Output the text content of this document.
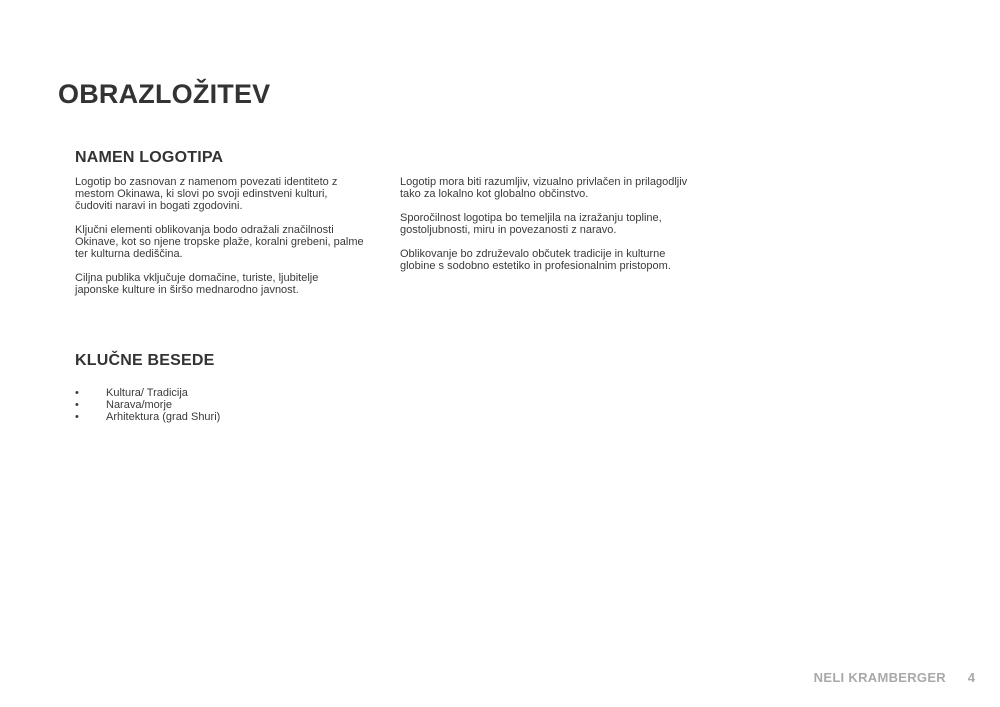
OBRAZLOŽITEV
NAMEN LOGOTIPA

Logotip bo zasnovan z namenom povezati identiteto z mestom Okinawa, ki slovi po svoji edinstveni kulturi, čudoviti naravi in bogati zgodovini.

Ključni elementi oblikovanja bodo odražali značilnosti Okinave, kot so njene tropske plaže, koralni grebeni, palme ter kulturna dediščina.

Ciljna publika vključuje domačine, turiste, ljubitelje japonske kulture in širšo mednarodno javnost.

Logotip mora biti razumljiv, vizualno privlačen in prilagodljiv tako za lokalno kot globalno občinstvo.

Sporočilnost logotipa bo temeljila na izražanju topline, gostoljubnosti, miru in povezanosti z naravo.

Oblikovanje bo združevalo občutek tradicije in kulturne globine s sodobno estetiko in profesionalnim pristopom.

KLUČNE BESEDE
• Kultura/ Tradicija
• Narava/morje
• Arhitektura (grad Shuri)
NELI KRAMBERGER 4
